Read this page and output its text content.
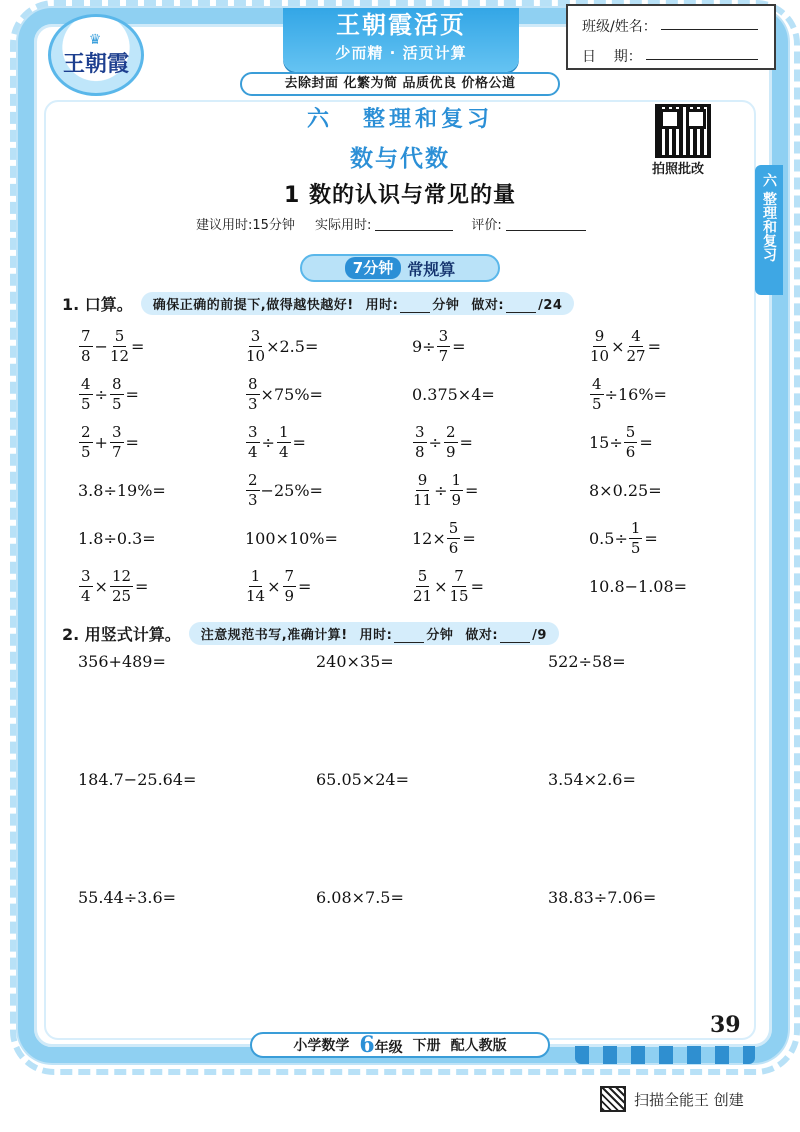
♛
王朝霞
王朝霞活页
少而精 · 活页计算
去除封面 化繁为简 品质优良 价格公道
班级/姓名：
日    期：
拍照批改
六 整理和复习
六 整理和复习
数与代数
1 数的认识与常见的量
建议用时:15分钟 实际用时:	评价:
7分钟 常规算
1. 口算。 确保正确的前提下,做得越快越好! 用时:	分钟 做对:	/24
$\frac{7}{8} - \frac{5}{12}$ =	$\frac{3}{10} \times 2.5=$	$9\div \frac{3}{7}$ =	$\frac{9}{10} \times \frac{4}{27}$ =
$\frac{4}{5} \div \frac{8}{5}$ =	$\frac{8}{3} \times 75\%=$	0.375×4=	$\frac{4}{5} \div 16\%=$
$\frac{2}{5} + \frac{3}{7}$ =	$\frac{3}{4} \div \frac{1}{4}$ =	$\frac{3}{8} \div \frac{2}{9}$ =	$15\div \frac{5}{6}$ =
3.8÷19%=	$\frac{2}{3} -25\%=$	$\frac{9}{11} \div \frac{1}{9}$ =	8×0.25=
1.8÷0.3=	100×10%=	$12\times \frac{5}{6}$ =	$0.5\div \frac{1}{5}$ =
$\frac{3}{4} \times \frac{12}{25}$ =	$\frac{1}{14} \times \frac{7}{9}$ =	$\frac{5}{21} \times \frac{7}{15}$ =	10.8−1.08=
2. 用竖式计算。 注意规范书写,准确计算! 用时:	分钟 做对:	/9
356+489=	240×35=	522÷58=
184.7−25.64=	65.05×24=	3.54×2.6=
55.44÷3.6=	6.08×7.5=	38.83÷7.06=
39
小学数学 6年级 下册 配人教版
扫描全能王 创建
